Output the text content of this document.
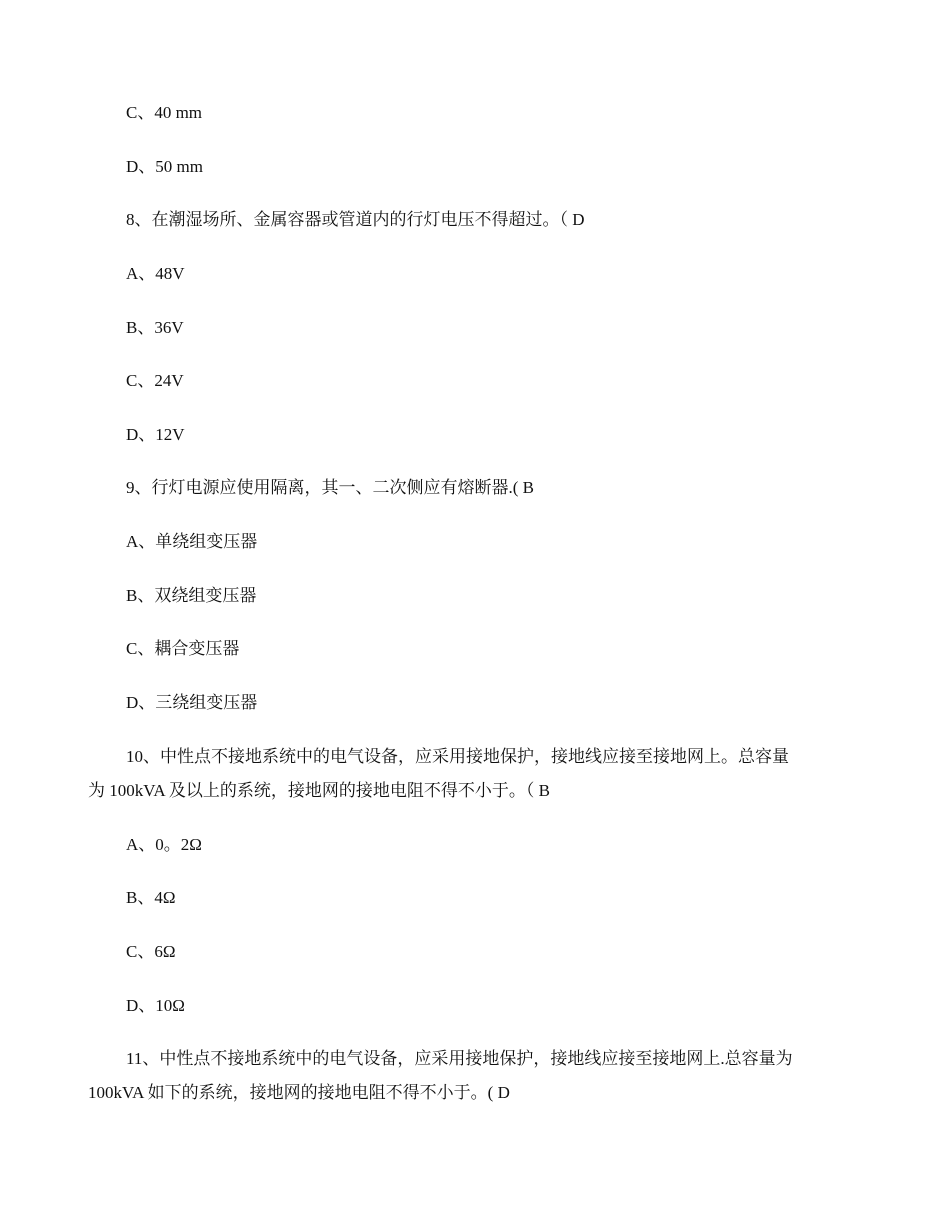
C、40 mm
D、50 mm
8、在潮湿场所、金属容器或管道内的行灯电压不得超过。（ D
A、48V
B、36V
C、24V
D、12V
9、行灯电源应使用隔离，其一、二次侧应有熔断器.( B
A、单绕组变压器
B、双绕组变压器
C、耦合变压器
D、三绕组变压器
10、中性点不接地系统中的电气设备，应采用接地保护，接地线应接至接地网上。总容量
为 100kVA 及以上的系统，接地网的接地电阻不得不小于。（ B
A、0。2Ω
B、4Ω
C、6Ω
D、10Ω
11、中性点不接地系统中的电气设备，应采用接地保护，接地线应接至接地网上.总容量为
100kVA 如下的系统，接地网的接地电阻不得不小于。( D
